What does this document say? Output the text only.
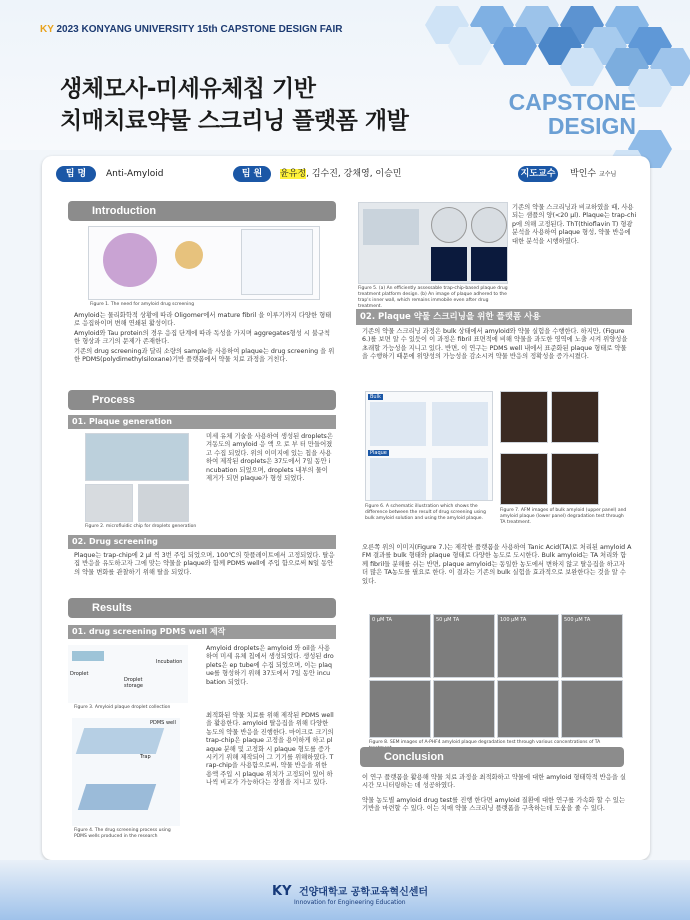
KY 2023 KONYANG UNIVERSITY 15th CAPSTONE DESIGN FAIR
생체모사-미세유체칩 기반
치매치료약물 스크리닝 플랫폼 개발
CAPSTONE
DESIGN
팀 명	Anti-Amyloid	팀 원	윤유정, 김수진, 강채영, 이승민	지도교수 박인수 교수님
Introduction
Figure 1. The need for amyloid drug screening

Amyloid는 물리화학적 상황에 따라 Oligomer에서 mature fibril 을 이루기까지 다양한 형태로 응집하이며 변해 연쇄된 활성이다.

Amyloid와 Tau protein의 경우 응집 단계에 따라 독성을 가지며 aggregates형성 시 불규칙한 형상과 크기의 문제가 존재한다.

기존의 drug screening과 달리 소량의 sample을 사용하여 plaque는 drug screening 을 위한 PDMS(polydimethylsiloxane)기반 플랫폼에서 약물 치료 과정을 거친다.

Process
01. Plaque generation
Figure 2. microfluidic chip for droplets generation
미세 유체 기술을 사용하여 생성된 droplets은 겨동도의 amyloid 응 액 으 로 부 터 만들어졌고 수집 되었다. 위의 이미지에 있는 칩을 사용하여 제작된 droplets은 37도에서 7일 동안 incubation 되었으며, droplets 내부의 물이 제거가 되면 plaque가 형성 되었다.
02. Drug screening
Plaque는 trap-chip에 2 μl 씩 3번 주입 되었으며, 100℃의 핫플레이트에서 고정되었다. 탈응집 반응을 유도하고자 그에 맞는 약물을 plaque와 함께 PDMS well에 주입 함으로써 N일 동안의 약물 변화를 관찰하기 위해 탈을 되었다.
Results
01. drug screening PDMS well 제작
Droplet
Droplet storage
Incubation
Figure 3. Amyloid plaque droplet collection
Amyloid droplets은 amyloid 와 oil을 사용하여 미세 유체 칩에서 생성되었다. 생성된 droplets은 ep tube에 수집 되었으며, 이는 plaque를 형성하기 위해 37도에서 7일 동안 incubation 되었다.
PDMS well
Trap
Figure 4. The drug screening process using PDMS wells produced in the research
최적화된 약물 치료를 위해 제작된 PDMS well을 활용한다. amyloid 탈응집을 위해 다양한 농도의 약물 반응을 진행한다. 마이크로 크기의 trap-chip은 plaque 고정을 용이하게 하고 plaque 분해 및 고정화 시 plaque 형도를 증가시키기 위해 제작되어 그 기기를 위해하였다. Trap-chip을 사용함으로써, 약물 반응을 위한 용액 주입 시 plaque 위치가 고정되어 있어 하나씩 비교가 가능하다는 장점을 지니고 있다.
Figure 5. (a) An efficiently assessable trap-chip-based plaque drug treatment platform design. (b) An image of plaque adhered to the trap's inner wall, which remains immobile even after drug treatment.
기존의 약물 스크리닝과 비교하였을 때, 사용되는 샘플의 양(<20 μl). Plaque는 trap-chip에 의해 고정된다. ThT(thioflavin T) 형광분석을 사용하여 plaque 형성, 약물 반응에 대한 분석을 시행하였다.
02. Plaque 약물 스크리닝을 위한 플랫폼 사용
기존의 약물 스크리닝 과정은 bulk 상태에서 amyloid와 약물 실험을 수행한다. 하지만, (Figure 6.)를 보면 알 수 있듯이 이 과정은 fibril 표면적에 비해 약물을 과도한 영역에 노출 시켜 위양성을 초래할 가능성을 지니고 있다. 반면, 이 연구는 PDMS well 내에서 표준화된 plaque 형태로 약물을 수행하기 때문에 위양성의 가능성을 감소시켜 약물 반응의 정확성을 증가시켰다.
Bulk
Plaque
Figure 6. A schematic illustration which shows the difference between the result of drug screening using bulk amyloid solution and using the amyloid plaque.
Figure 7. AFM images of bulk amyloid (upper panel) and amyloid plaque (lower panel) degradation test through TA treatment.
오른쪽 위의 이미지(Figure 7.)는 제작한 플랫폼을 사용하여 Tanic Acid(TA)로 처리된 amyloid AFM 결과를 bulk 형태와 plaque 형태로 다양한 농도로 도시한다. Bulk amyloid는 TA 처리와 함께 fibril들 분해를 쉬는 반면, plaque amyloid는 동일한 농도에서 변하지 않고 탈응집을 하고자 더 많은 TA농도를 필요로 한다. 이 결과는 기존의 bulk 실험을 효과적으로 보완한다는 것을 알 수 있다.
0 μM TA	50 μM TA	100 μM TA	500 μM TA
Figure 8. SEM images of A-PHF4 amyloid plaque degradation test through various concentrations of TA
Conclusion

이 연구 플랫폼을 활용해 약물 치료 과정을 최적화하고 약물에 대한 amyloid 형태학적 반응을 실시간 모니터링하는 데 성공하였다.

약물 농도별 amyloid drug test를 진행 한다면 amyloid 질환에 대한 연구를 가속화 할 수 있는 기반을 마련할 수 있다. 이는 치매 약물 스크리닝 플랫폼을 구축하는데 도움을 줄 수 있다.

KY 건양대학교 공학교육혁신센터
Innovation for Engineering Education
